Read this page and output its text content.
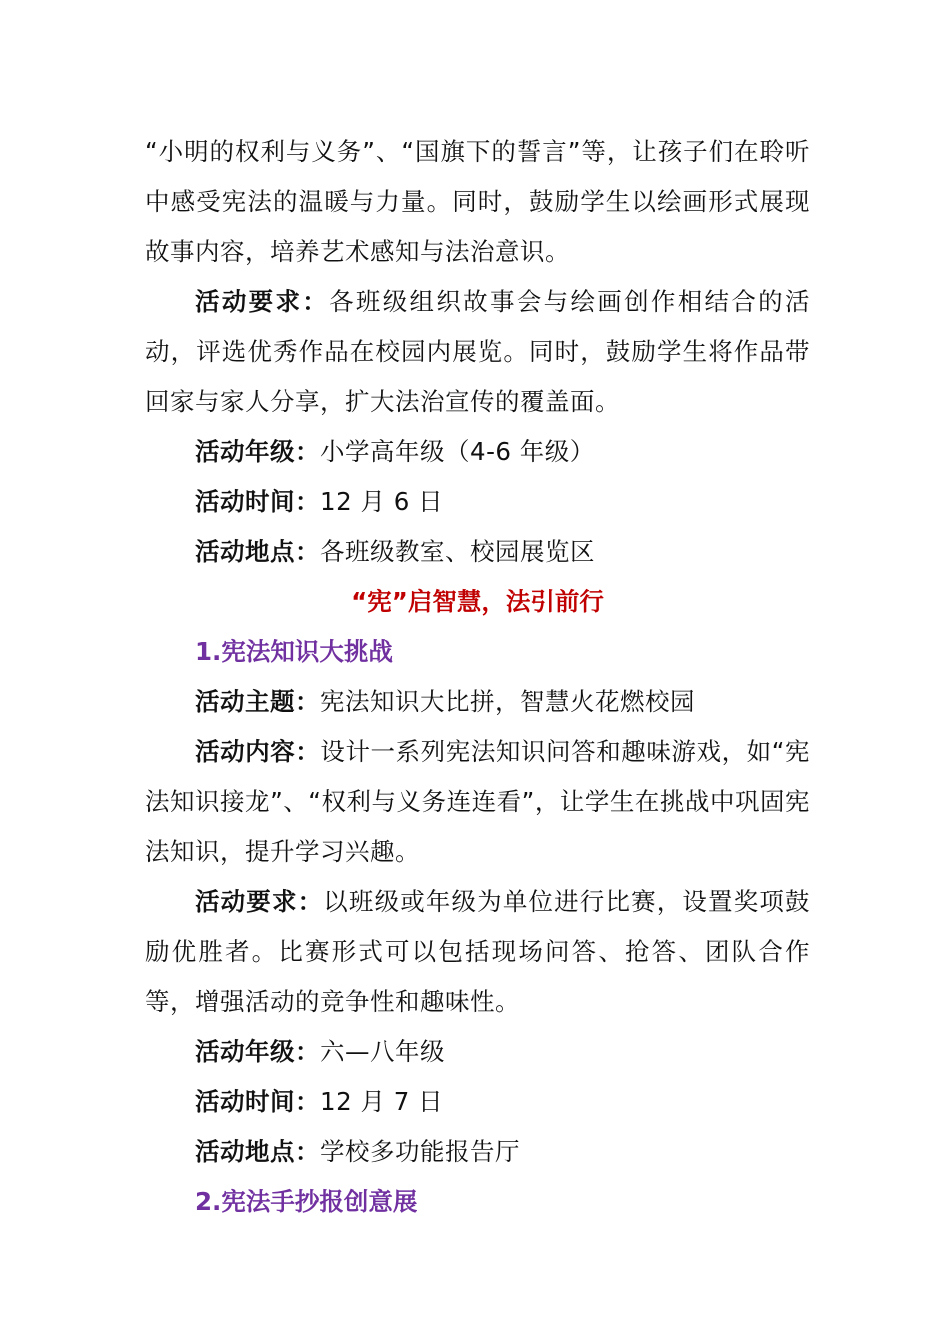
“小明的权利与义务”、“国旗下的誓言”等，让孩子们在聆听中感受宪法的温暖与力量。同时，鼓励学生以绘画形式展现故事内容，培养艺术感知与法治意识。

活动要求：各班级组织故事会与绘画创作相结合的活动，评选优秀作品在校园内展览。同时，鼓励学生将作品带回家与家人分享，扩大法治宣传的覆盖面。

活动年级：小学高年级（4-6 年级）

活动时间：12 月 6 日

活动地点：各班级教室、校园展览区

“宪”启智慧，法引前行

1.宪法知识大挑战

活动主题：宪法知识大比拼，智慧火花燃校园

活动内容：设计一系列宪法知识问答和趣味游戏，如“宪法知识接龙”、“权利与义务连连看”，让学生在挑战中巩固宪法知识，提升学习兴趣。

活动要求：以班级或年级为单位进行比赛，设置奖项鼓励优胜者。比赛形式可以包括现场问答、抢答、团队合作等，增强活动的竞争性和趣味性。

活动年级：六—八年级

活动时间：12 月 7 日

活动地点：学校多功能报告厅

2.宪法手抄报创意展
